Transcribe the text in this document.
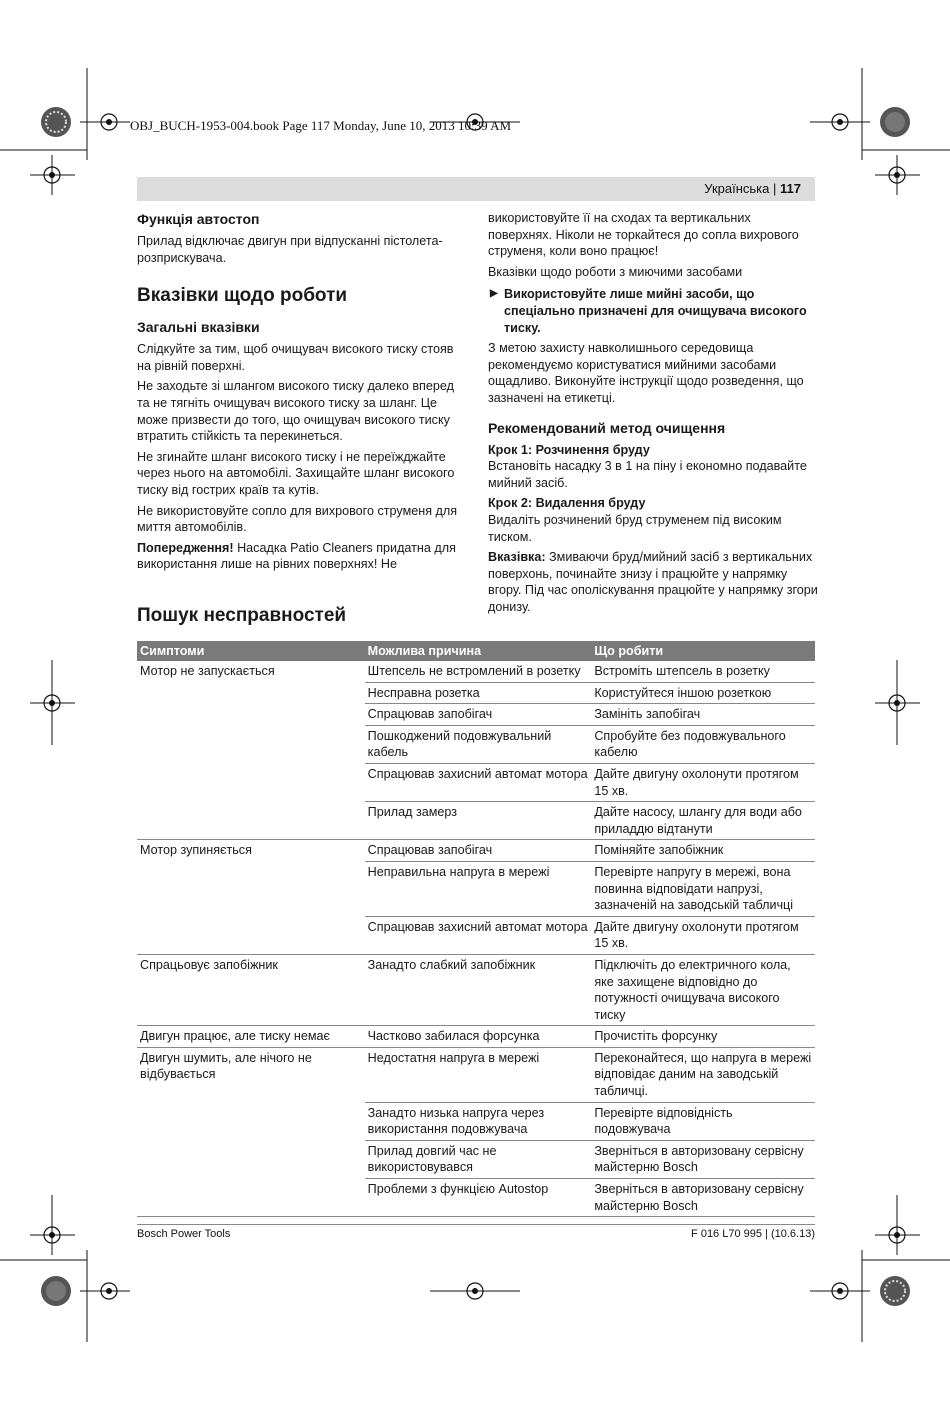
OBJ_BUCH-1953-004.book Page 117 Monday, June 10, 2013 10:39 AM
Українська | 117
Функція автостоп

Прилад відключає двигун при відпусканні пістолета-розприскувача.

Вказівки щодо роботи
Загальні вказівки

Слідкуйте за тим, щоб очищувач високого тиску стояв на рівній поверхні.

Не заходьте зі шлангом високого тиску далеко вперед та не тягніть очищувач високого тиску за шланг. Це може призвести до того, що очищувач високого тиску втратить стійкість та перекинеться.

Не згинайте шланг високого тиску і не переїжджайте через нього на автомобілі. Захищайте шланг високого тиску від гострих країв та кутів.

Не використовуйте сопло для вихрового струменя для миття автомобілів.

Попередження! Насадка Patio Cleaners придатна для використання лише на рівних поверхнях! Не

використовуйте її на сходах та вертикальних поверхнях. Ніколи не торкайтеся до сопла вихрового струменя, коли воно працює!

Вказівки щодо роботи з миючими засобами

▶ Використовуйте лише мийні засоби, що спеціально призначені для очищувача високого тиску.

З метою захисту навколишнього середовища рекомендуємо користуватися мийними засобами ощадливо. Виконуйте інструкції щодо розведення, що зазначені на етикетці.

Рекомендований метод очищення
Крок 1: Розчинення бруду

Встановіть насадку 3 в 1 на піну і економно подавайте мийний засіб.

Крок 2: Видалення бруду

Видаліть розчинений бруд струменем під високим тиском.

Вказівка: Змиваючи бруд/мийний засіб з вертикальних поверхонь, починайте знизу і працюйте у напрямку вгору. Під час ополіскування працюйте у напрямку згори донизу.

Пошук несправностей
Симптоми	Можлива причина	Що робити
Мотор не запускається	Штепсель не встромлений в розетку	Встроміть штепсель в розетку
	Несправна розетка	Користуйтеся іншою розеткою
	Спрацював запобігач	Замініть запобігач
	Пошкоджений подовжувальний кабель	Спробуйте без подовжувального кабелю
	Спрацював захисний автомат мотора	Дайте двигуну охолонути протягом 15 хв.
	Прилад замерз	Дайте насосу, шлангу для води або приладдю відтанути
Мотор зупиняється	Спрацював запобігач	Поміняйте запобіжник
	Неправильна напруга в мережі	Перевірте напругу в мережі, вона повинна відповідати напрузі, зазначеній на заводській табличці
	Спрацював захисний автомат мотора	Дайте двигуну охолонути протягом 15 хв.
Спрацьовує запобіжник	Занадто слабкий запобіжник	Підключіть до електричного кола, яке захищене відповідно до потужності очищувача високого тиску
Двигун працює, але тиску немає	Частково забилася форсунка	Прочистіть форсунку
Двигун шумить, але нічого не відбувається	Недостатня напруга в мережі	Переконайтеся, що напруга в мережі відповідає даним на заводській табличці.
	Занадто низька напруга через використання подовжувача	Перевірте відповідність подовжувача
	Прилад довгий час не використовувався	Зверніться в авторизовану сервісну майстерню Bosch
	Проблеми з функцією Autostop	Зверніться в авторизовану сервісну майстерню Bosch
Bosch Power Tools	F 016 L70 995 | (10.6.13)
